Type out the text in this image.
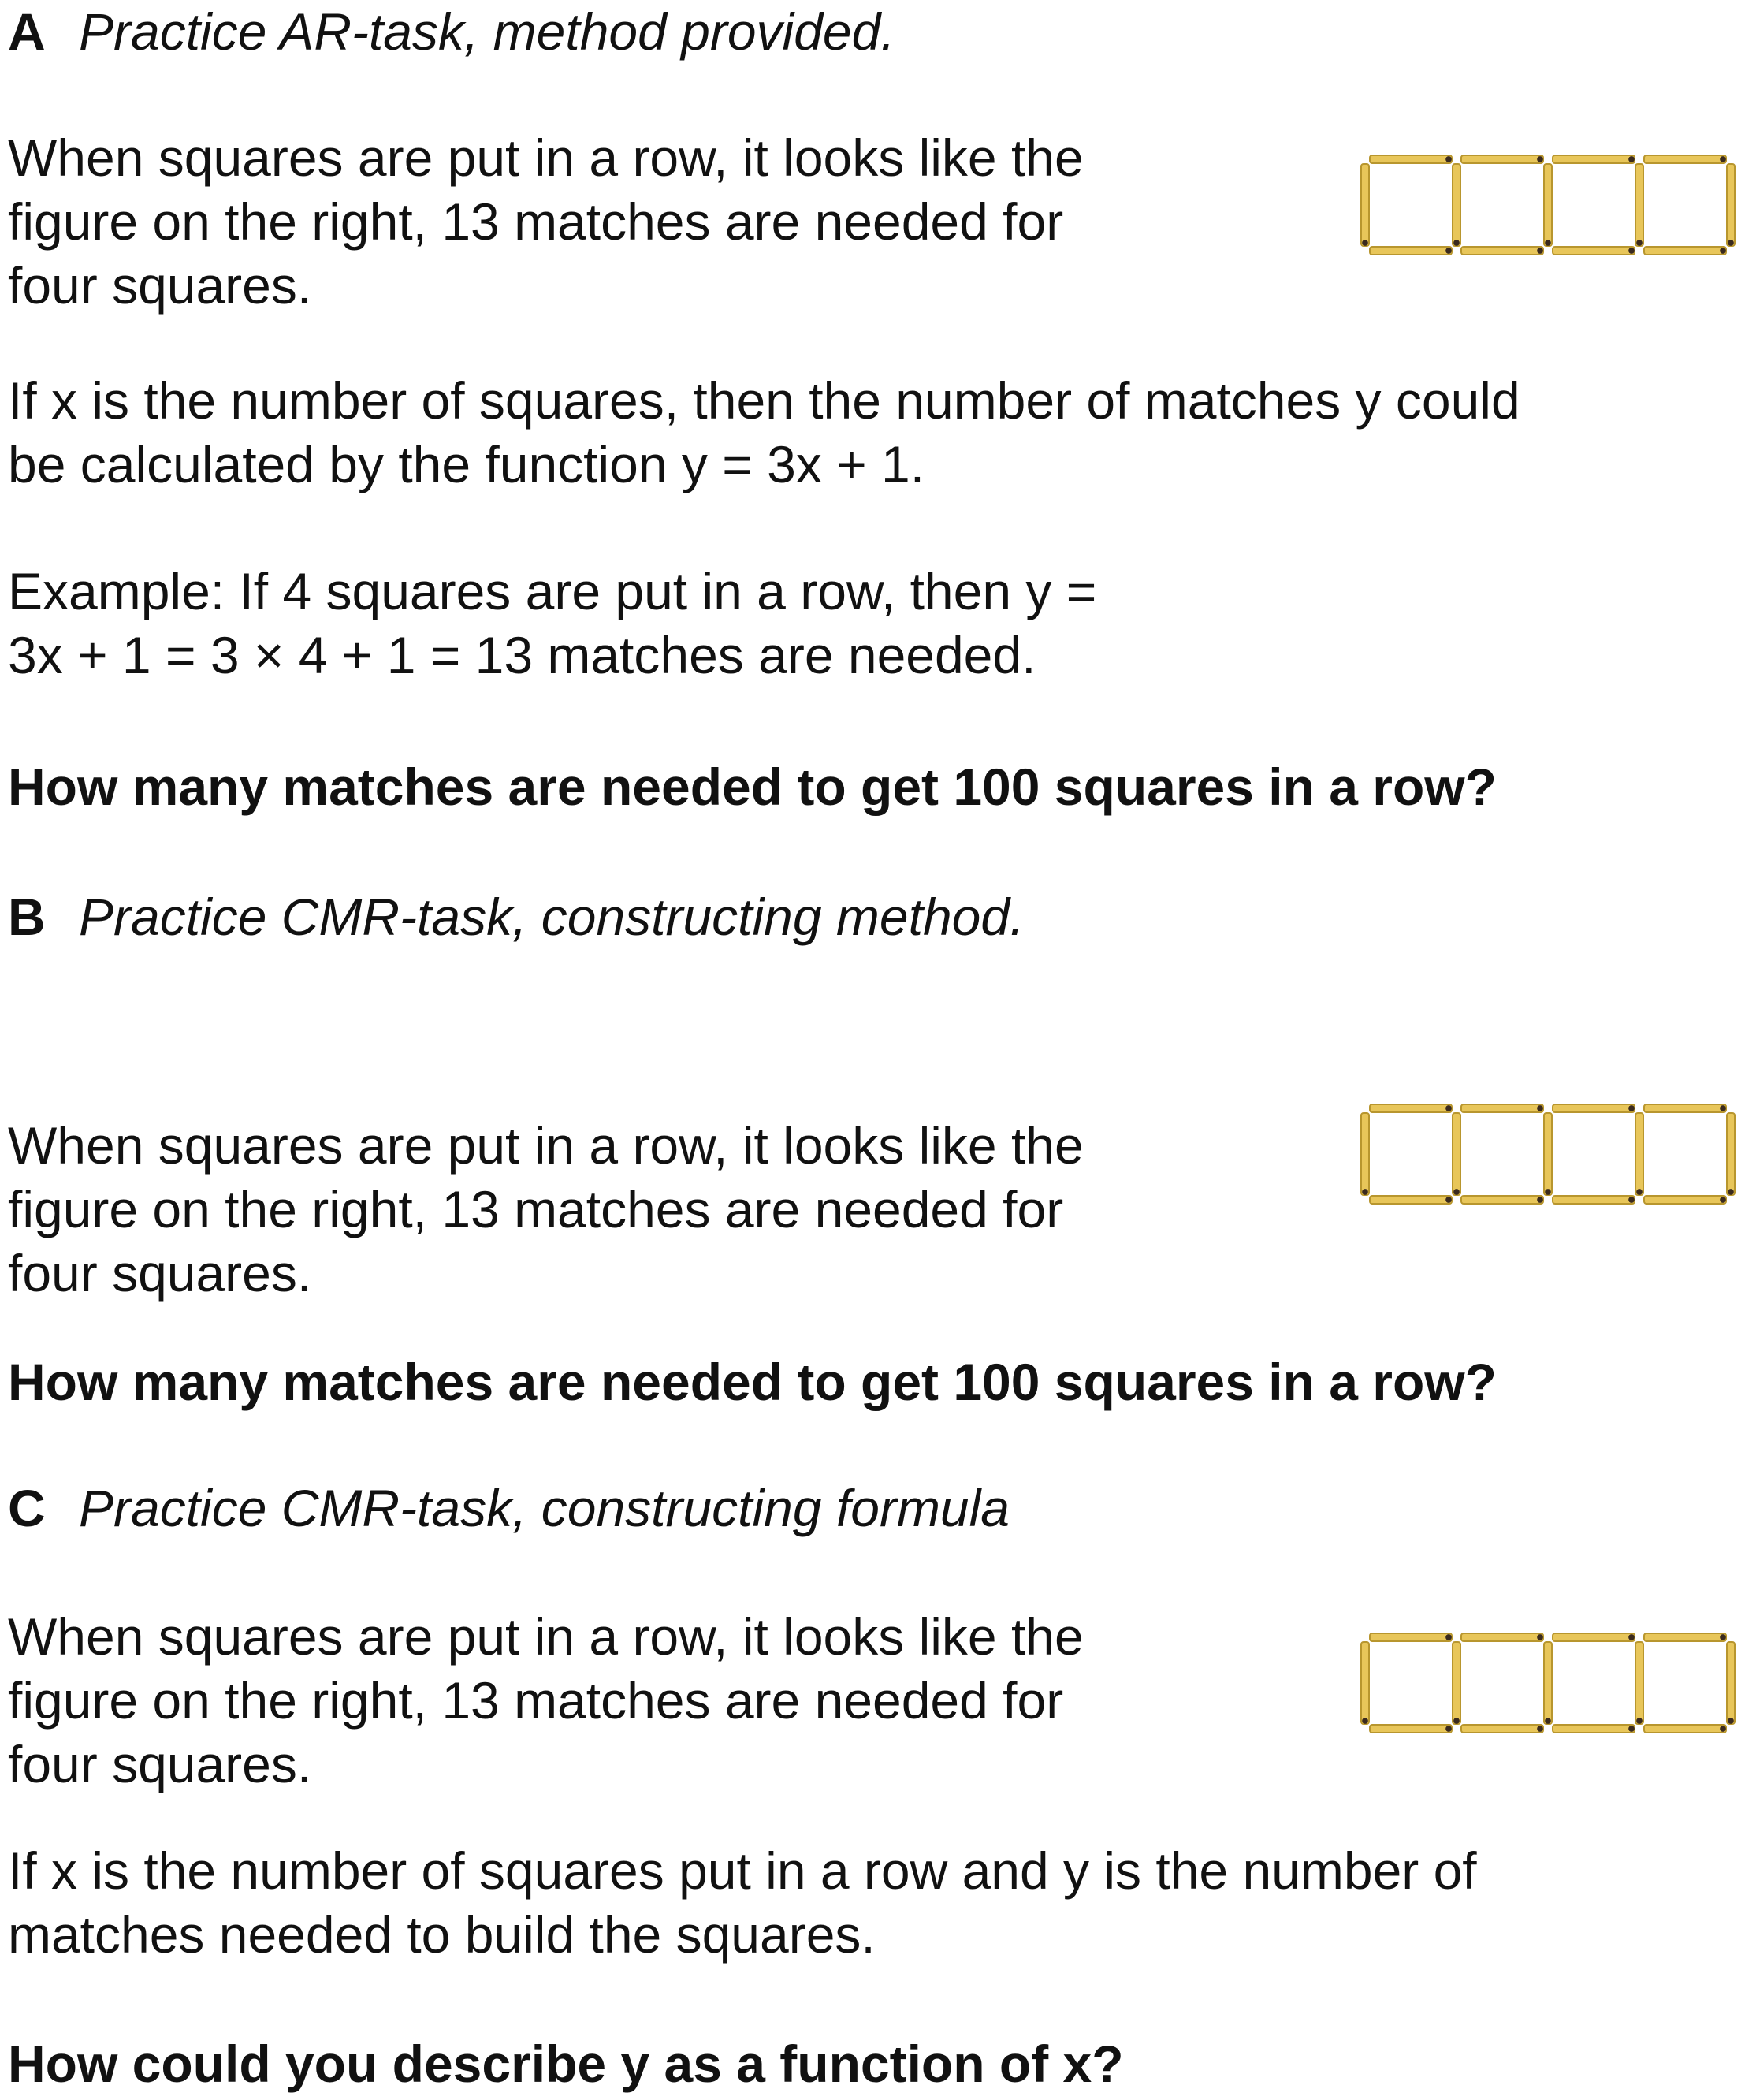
A Practice AR-task, method provided.
When squares are put in a row, it looks like the
figure on the right, 13 matches are needed for
four squares.
If x is the number of squares, then the number of matches y could
be calculated by the function y = 3x + 1.
Example: If 4 squares are put in a row, then y =
3x + 1 = 3 × 4 + 1 = 13 matches are needed.
How many matches are needed to get 100 squares in a row?
B Practice CMR-task, constructing method.
When squares are put in a row, it looks like the
figure on the right, 13 matches are needed for
four squares.
How many matches are needed to get 100 squares in a row?
C Practice CMR-task, constructing formula
When squares are put in a row, it looks like the
figure on the right, 13 matches are needed for
four squares.
If x is the number of squares put in a row and y is the number of
matches needed to build the squares.
How could you describe y as a function of x?
